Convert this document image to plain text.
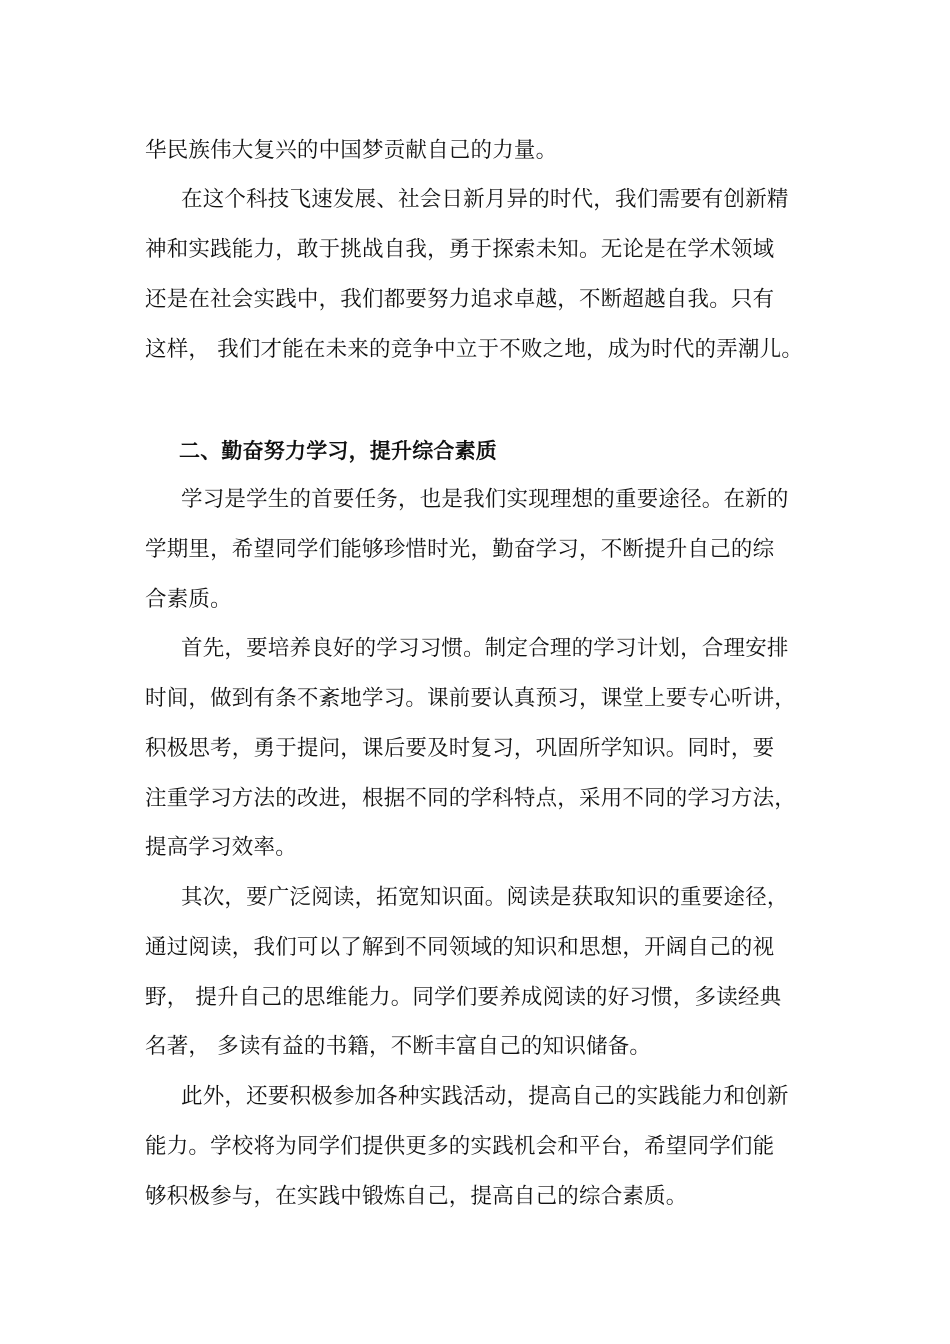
华民族伟大复兴的中国梦贡献自己的力量。
在这个科技飞速发展、社会日新月异的时代，我们需要有创新精
神和实践能力，敢于挑战自我，勇于探索未知。无论是在学术领域
还是在社会实践中，我们都要努力追求卓越，不断超越自我。只有
这样， 我们才能在未来的竞争中立于不败之地，成为时代的弄潮儿。
二、勤奋努力学习，提升综合素质
学习是学生的首要任务，也是我们实现理想的重要途径。在新的
学期里，希望同学们能够珍惜时光，勤奋学习，不断提升自己的综
合素质。
首先，要培养良好的学习习惯。制定合理的学习计划，合理安排
时间，做到有条不紊地学习。课前要认真预习，课堂上要专心听讲，
积极思考，勇于提问，课后要及时复习，巩固所学知识。同时，要
注重学习方法的改进，根据不同的学科特点，采用不同的学习方法，
提高学习效率。
其次，要广泛阅读，拓宽知识面。阅读是获取知识的重要途径，
通过阅读，我们可以了解到不同领域的知识和思想，开阔自己的视
野， 提升自己的思维能力。同学们要养成阅读的好习惯，多读经典
名著， 多读有益的书籍，不断丰富自己的知识储备。
此外，还要积极参加各种实践活动，提高自己的实践能力和创新
能力。学校将为同学们提供更多的实践机会和平台，希望同学们能
够积极参与，在实践中锻炼自己，提高自己的综合素质。
